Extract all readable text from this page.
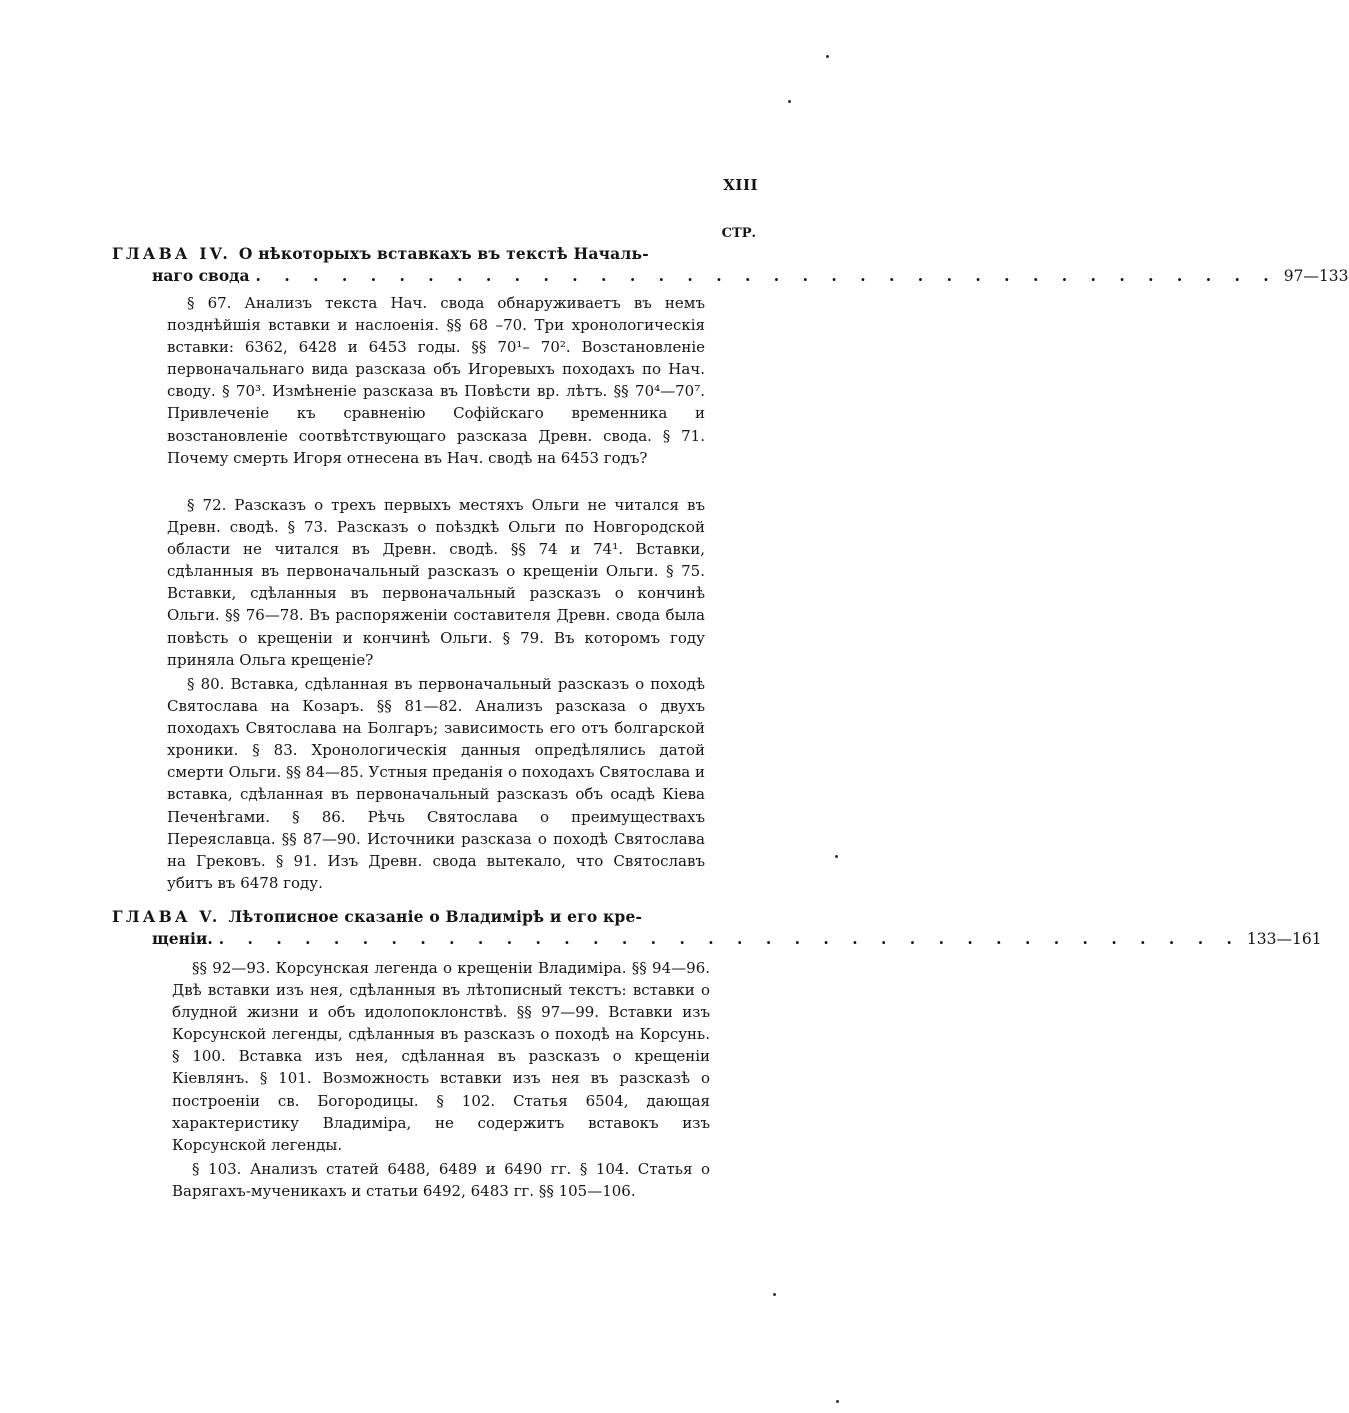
XIII
СТР.
ГЛАВА IV. О нѣкоторыхъ вставкахъ въ текстѣ Началь-
наго свода . . . . . . . . . . . . . . . . . . . . . . . . . . . . . . . . . . . . 97—133
§ 67. Анализъ текста Нач. свода обнаруживаетъ въ немъ позднѣйшія вставки и наслоенія. §§ 68 –70. Три хронологическія вставки: 6362, 6428 и 6453 годы. §§ 70¹– 70². Возстановленіе первоначальнаго вида разсказа объ Игоревыхъ походахъ по Нач. своду. § 70³. Измѣненіе разсказа въ Повѣсти вр. лѣтъ. §§ 70⁴—70⁷. Привлеченіе къ сравненію Софійскаго временника и возстановленіе соотвѣтствующаго разсказа Древн. свода. § 71. Почему смерть Игоря отнесена въ Нач. сводѣ на 6453 годъ?
§ 72. Разсказъ о трехъ первыхъ местяхъ Ольги не читался въ Древн. сводѣ. § 73. Разсказъ о поѣздкѣ Ольги по Новгородской области не читался въ Древн. сводѣ. §§ 74 и 74¹. Вставки, сдѣланныя въ первоначальный разсказъ о крещеніи Ольги. § 75. Вставки, сдѣланныя въ первоначальный разсказъ о кончинѣ Ольги. §§ 76—78. Въ распоряженіи составителя Древн. свода была повѣсть о крещеніи и кончинѣ Ольги. § 79. Въ которомъ году приняла Ольга крещеніе?
§ 80. Вставка, сдѣланная въ первоначальный разсказъ о походѣ Святослава на Козаръ. §§ 81—82. Анализъ разсказа о двухъ походахъ Святослава на Болгаръ; зависимость его отъ болгарской хроники. § 83. Хронологическія данныя опредѣлялись датой смерти Ольги. §§ 84—85. Устныя преданія о походахъ Святослава и вставка, сдѣланная въ первоначальный разсказъ объ осадѣ Кіева Печенѣгами. § 86. Рѣчь Святослава о преимуществахъ Переяславца. §§ 87—90. Источники разсказа о походѣ Святослава на Грековъ. § 91. Изъ Древн. свода вытекало, что Святославъ убитъ въ 6478 году.
ГЛАВА V. Лѣтописное сказаніе о Владимірѣ и его кре-
щеніи. . . . . . . . . . . . . . . . . . . . . . . . . . . . . . . . . . . . . 133—161
§§ 92—93. Корсунская легенда о крещеніи Владиміра. §§ 94—96. Двѣ вставки изъ нея, сдѣланныя въ лѣтописный текстъ: вставки о блудной жизни и объ идолопоклонствѣ. §§ 97—99. Вставки изъ Корсунской легенды, сдѣланныя въ разсказъ о походѣ на Корсунь. § 100. Вставка изъ нея, сдѣланная въ разсказъ о крещеніи Кіевлянъ. § 101. Возможность вставки изъ нея въ разсказѣ о построеніи св. Богородицы. § 102. Статья 6504, дающая характеристику Владиміра, не содержитъ вставокъ изъ Корсунской легенды.
§ 103. Анализъ статей 6488, 6489 и 6490 гг. § 104. Статья о Варягахъ-мученикахъ и статьи 6492, 6483 гг. §§ 105—106.
